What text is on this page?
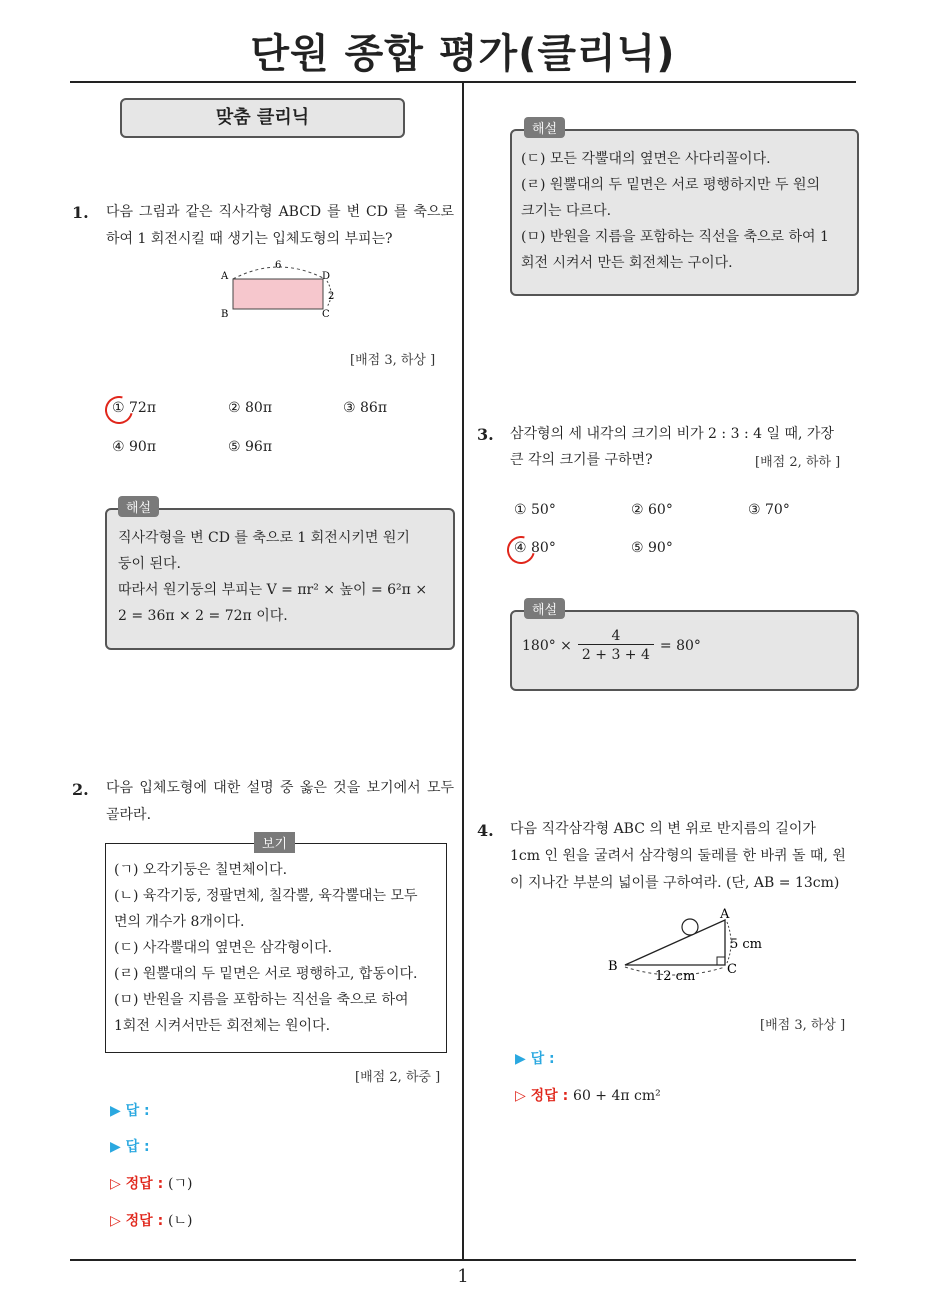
단원 종합 평가(클리닉)
맞춤 클리닉
1. 다음 그림과 같은 직사각형 ABCD 를 변 CD 를 축으로 하여 1 회전시킬 때 생기는 입체도형의 부피는?
A
B	C
D
6
2
[배점 3, 하상 ]
① 72π	② 80π	③ 86π
④ 90π	⑤ 96π
해설
직사각형을 변 CD 를 축으로 1 회전시키면 원기
둥이 된다.
따라서 원기둥의 부피는 V = πr² × 높이 = 6²π ×
2 = 36π × 2 = 72π 이다.
2. 다음 입체도형에 대한 설명 중 옳은 것을 보기에서 모두 골라라.
보기
(ㄱ) 오각기둥은 칠면체이다.
(ㄴ) 육각기둥, 정팔면체, 칠각뿔, 육각뿔대는 모두
면의 개수가 8개이다.
(ㄷ) 사각뿔대의 옆면은 삼각형이다.
(ㄹ) 원뿔대의 두 밑면은 서로 평행하고, 합동이다.
(ㅁ) 반원을 지름을 포함하는 직선을 축으로 하여
1회전 시켜서만든 회전체는 원이다.
[배점 2, 하중 ]
▶ 답 :
▶ 답 :
▷ 정답 : (ㄱ)
▷ 정답 : (ㄴ)
해설
(ㄷ) 모든 각뿔대의 옆면은 사다리꼴이다.
(ㄹ) 원뿔대의 두 밑면은 서로 평행하지만 두 원의
크기는 다르다.
(ㅁ) 반원을 지름을 포함하는 직선을 축으로 하여 1
회전 시켜서 만든 회전체는 구이다.
3. 삼각형의 세 내각의 크기의 비가 2 : 3 : 4 일 때, 가장
큰 각의 크기를 구하면?	[배점 2, 하하 ]
① 50°	② 60°	③ 70°
④ 80°	⑤ 90°
해설
$180^\circ \times \frac{4}{2 + 3 + 4} = 80^\circ$
4. 다음 직각삼각형 ABC 의 변 위로 반지름의 길이가
1cm 인 원을 굴려서 삼각형의 둘레를 한 바퀴 돌 때, 원
이 지나간 부분의 넓이를 구하여라. (단, AB = 13cm)
A
B	C
5 cm
12 cm
[배점 3, 하상 ]
▶ 답 :
▷ 정답 : 60 + 4π cm²
1
